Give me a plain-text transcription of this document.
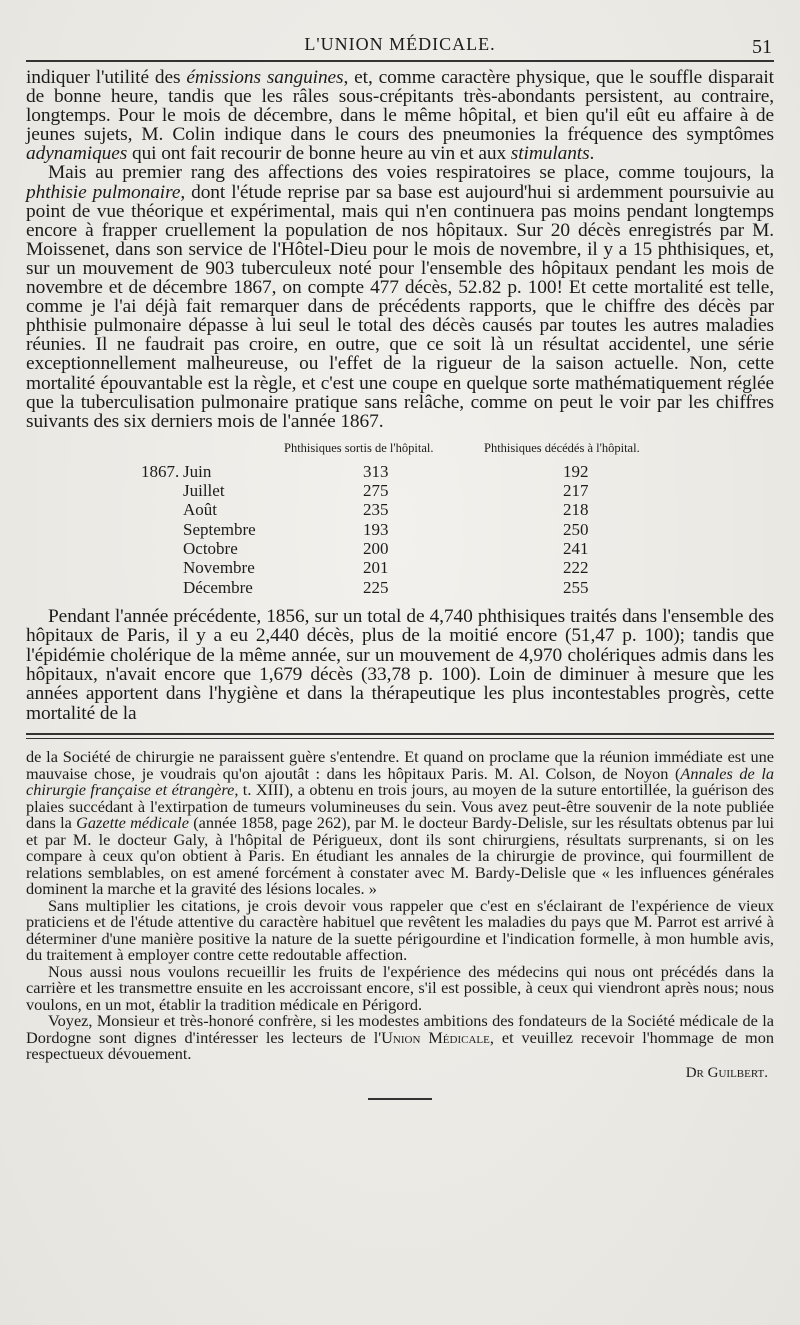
L'UNION MÉDICALE.	51

indiquer l'utilité des émissions sanguines, et, comme caractère physique, que le souffle disparait de bonne heure, tandis que les râles sous-crépitants très-abondants persistent, au contraire, longtemps. Pour le mois de décembre, dans le même hôpital, et bien qu'il eût eu affaire à de jeunes sujets, M. Colin indique dans le cours des pneumonies la fréquence des symptômes adynamiques qui ont fait recourir de bonne heure au vin et aux stimulants.

Mais au premier rang des affections des voies respiratoires se place, comme toujours, la phthisie pulmonaire, dont l'étude reprise par sa base est aujourd'hui si ardemment poursuivie au point de vue théorique et expérimental, mais qui n'en continuera pas moins pendant longtemps encore à frapper cruellement la population de nos hôpitaux. Sur 20 décès enregistrés par M. Moissenet, dans son service de l'Hôtel-Dieu pour le mois de novembre, il y a 15 phthisiques, et, sur un mouvement de 903 tuberculeux noté pour l'ensemble des hôpitaux pendant les mois de novembre et de décembre 1867, on compte 477 décès, 52.82 p. 100! Et cette mortalité est telle, comme je l'ai déjà fait remarquer dans de précédents rapports, que le chiffre des décès par phthisie pulmonaire dépasse à lui seul le total des décès causés par toutes les autres maladies réunies. Il ne faudrait pas croire, en outre, que ce soit là un résultat accidentel, une série exceptionnellement malheureuse, ou l'effet de la rigueur de la saison actuelle. Non, cette mortalité épouvantable est la règle, et c'est une coupe en quelque sorte mathématiquement réglée que la tuberculisation pulmonaire pratique sans relâche, comme on peut le voir par les chiffres suivants des six derniers mois de l'année 1867.

Phthisiques sortis de l'hôpital.	Phthisiques décédés à l'hôpital.
1867. Juin	313	192
Juillet	275	217
Août	235	218
Septembre	193	250
Octobre	200	241
Novembre	201	222
Décembre	225	255

Pendant l'année précédente, 1856, sur un total de 4,740 phthisiques traités dans l'ensemble des hôpitaux de Paris, il y a eu 2,440 décès, plus de la moitié encore (51,47 p. 100); tandis que l'épidémie cholérique de la même année, sur un mouvement de 4,970 cholériques admis dans les hôpitaux, n'avait encore que 1,679 décès (33,78 p. 100). Loin de diminuer à mesure que les années apportent dans l'hygiène et dans la thérapeutique les plus incontestables progrès, cette mortalité de la

de la Société de chirurgie ne paraissent guère s'entendre. Et quand on proclame que la réunion immédiate est une mauvaise chose, je voudrais qu'on ajoutât : dans les hôpitaux Paris. M. Al. Colson, de Noyon (Annales de la chirurgie française et étrangère, t. XIII), a obtenu en trois jours, au moyen de la suture entortillée, la guérison des plaies succédant à l'extirpation de tumeurs volumineuses du sein. Vous avez peut-être souvenir de la note publiée dans la Gazette médicale (année 1858, page 262), par M. le docteur Bardy-Delisle, sur les résultats obtenus par lui et par M. le docteur Galy, à l'hôpital de Périgueux, dont ils sont chirurgiens, résultats surprenants, si on les compare à ceux qu'on obtient à Paris. En étudiant les annales de la chirurgie de province, qui fourmillent de relations semblables, on est amené forcément à constater avec M. Bardy-Delisle que « les influences générales dominent la marche et la gravité des lésions locales. »

Sans multiplier les citations, je crois devoir vous rappeler que c'est en s'éclairant de l'expérience de vieux praticiens et de l'étude attentive du caractère habituel que revêtent les maladies du pays que M. Parrot est arrivé à déterminer d'une manière positive la nature de la suette périgourdine et l'indication formelle, à mon humble avis, du traitement à employer contre cette redoutable affection.

Nous aussi nous voulons recueillir les fruits de l'expérience des médecins qui nous ont précédés dans la carrière et les transmettre ensuite en les accroissant encore, s'il est possible, à ceux qui viendront après nous; nous voulons, en un mot, établir la tradition médicale en Périgord.

Voyez, Monsieur et très-honoré confrère, si les modestes ambitions des fondateurs de la Société médicale de la Dordogne sont dignes d'intéresser les lecteurs de l'Union Médicale, et veuillez recevoir l'hommage de mon respectueux dévouement.

Dr Guilbert.
